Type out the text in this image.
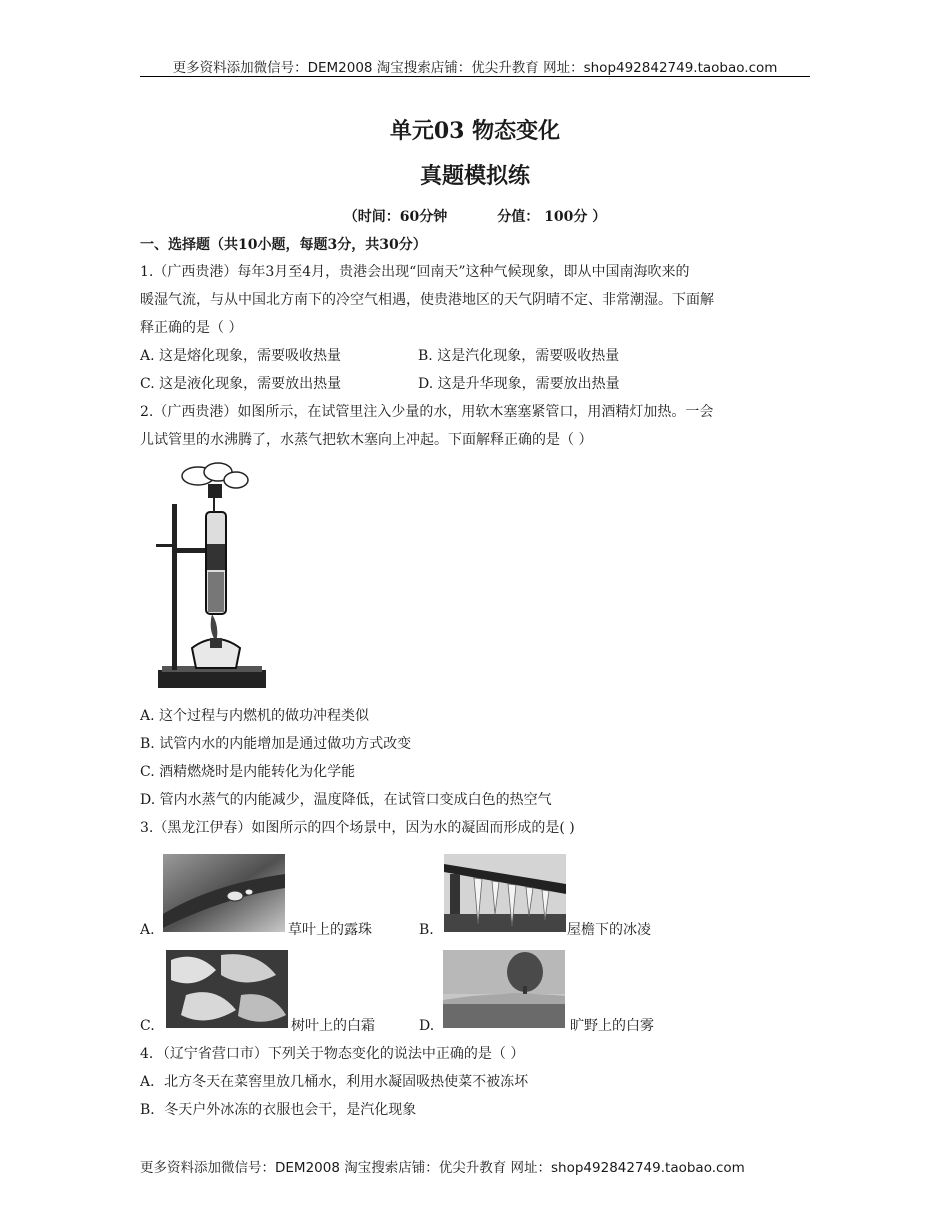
更多资料添加微信号：DEM2008 淘宝搜索店铺：优尖升教育 网址：shop492842749.taobao.com
单元03 物态变化
真题模拟练
（时间：60分钟	分值： 100分 ）
一、选择题（共10小题，每题3分，共30分）
1.（广西贵港）每年3月至4月，贵港会出现“回南天”这种气候现象，即从中国南海吹来的
暖湿气流，与从中国北方南下的冷空气相遇，使贵港地区的天气阴晴不定、非常潮湿。下面解
释正确的是（ ）
A. 这是熔化现象，需要吸收热量	B. 这是汽化现象，需要吸收热量
C. 这是液化现象，需要放出热量	D. 这是升华现象，需要放出热量
2.（广西贵港）如图所示，在试管里注入少量的水，用软木塞塞紧管口，用酒精灯加热。一会
儿试管里的水沸腾了，水蒸气把软木塞向上冲起。下面解释正确的是（ ）
A. 这个过程与内燃机的做功冲程类似
B. 试管内水的内能增加是通过做功方式改变
C. 酒精燃烧时是内能转化为化学能
D. 管内水蒸气的内能减少，温度降低，在试管口变成白色的热空气
3.（黑龙江伊春）如图所示的四个场景中，因为水的凝固而形成的是( )
A.	草叶上的露珠	B.	屋檐下的冰凌
C.	树叶上的白霜	D.	旷野上的白雾
4．（辽宁省营口市）下列关于物态变化的说法中正确的是（ ）
A．北方冬天在菜窖里放几桶水，利用水凝固吸热使菜不被冻坏
B．冬天户外冰冻的衣服也会干，是汽化现象
更多资料添加微信号：DEM2008 淘宝搜索店铺：优尖升教育 网址：shop492842749.taobao.com
